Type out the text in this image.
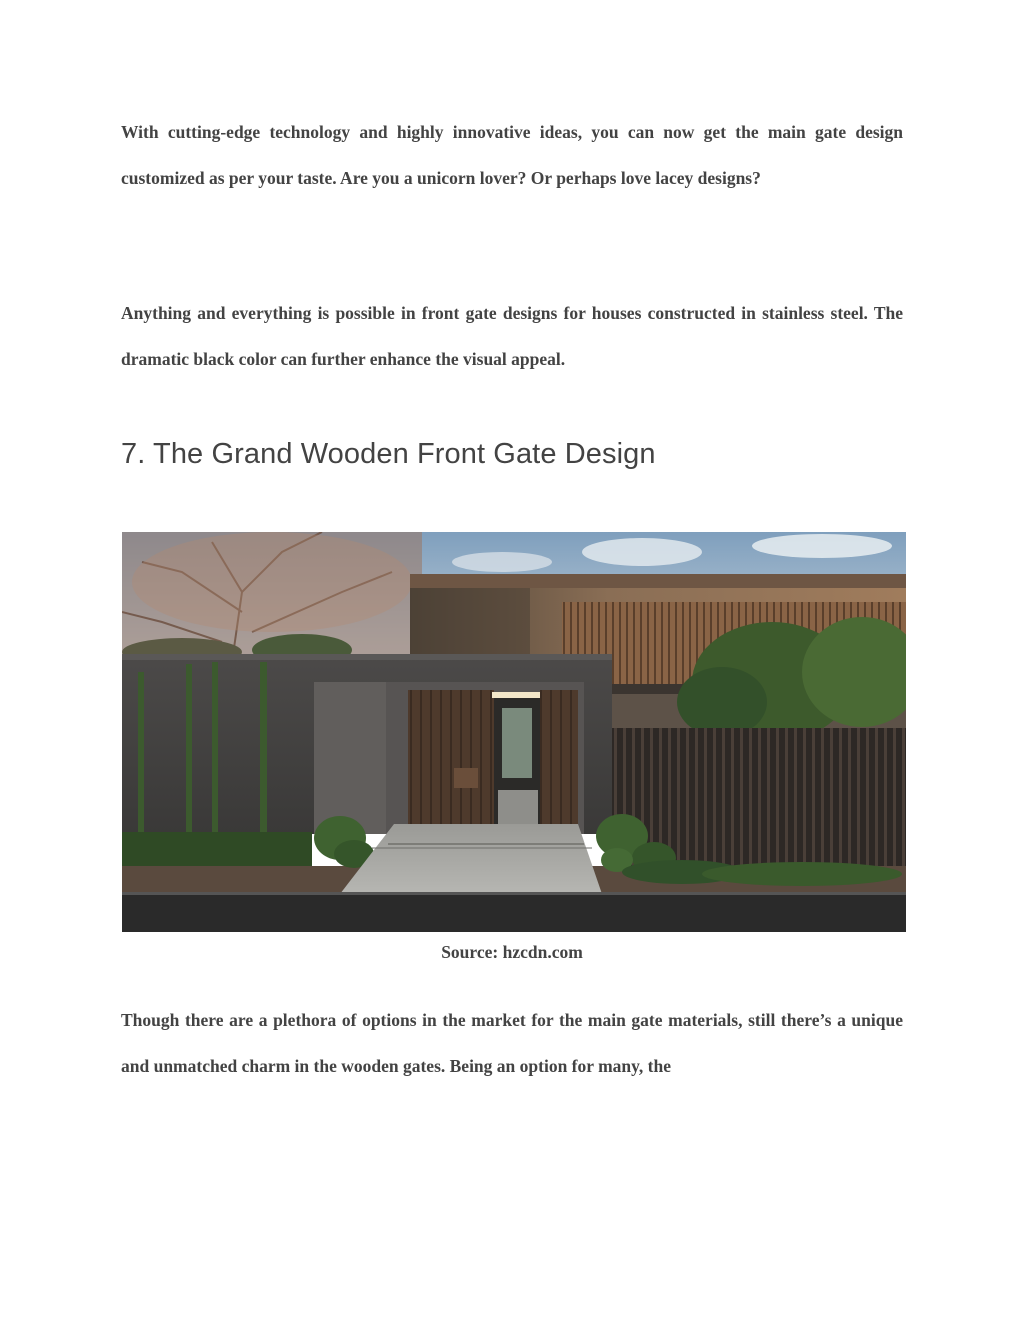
With cutting-edge technology and highly innovative ideas, you can now get the main gate design customized as per your taste. Are you a unicorn lover? Or perhaps love lacey designs?

Anything and everything is possible in front gate designs for houses constructed in stainless steel. The dramatic black color can further enhance the visual appeal.

7. The Grand Wooden Front Gate Design

Source: hzcdn.com

Though there are a plethora of options in the market for the main gate materials, still there’s a unique and unmatched charm in the wooden gates. Being an option for many, the
